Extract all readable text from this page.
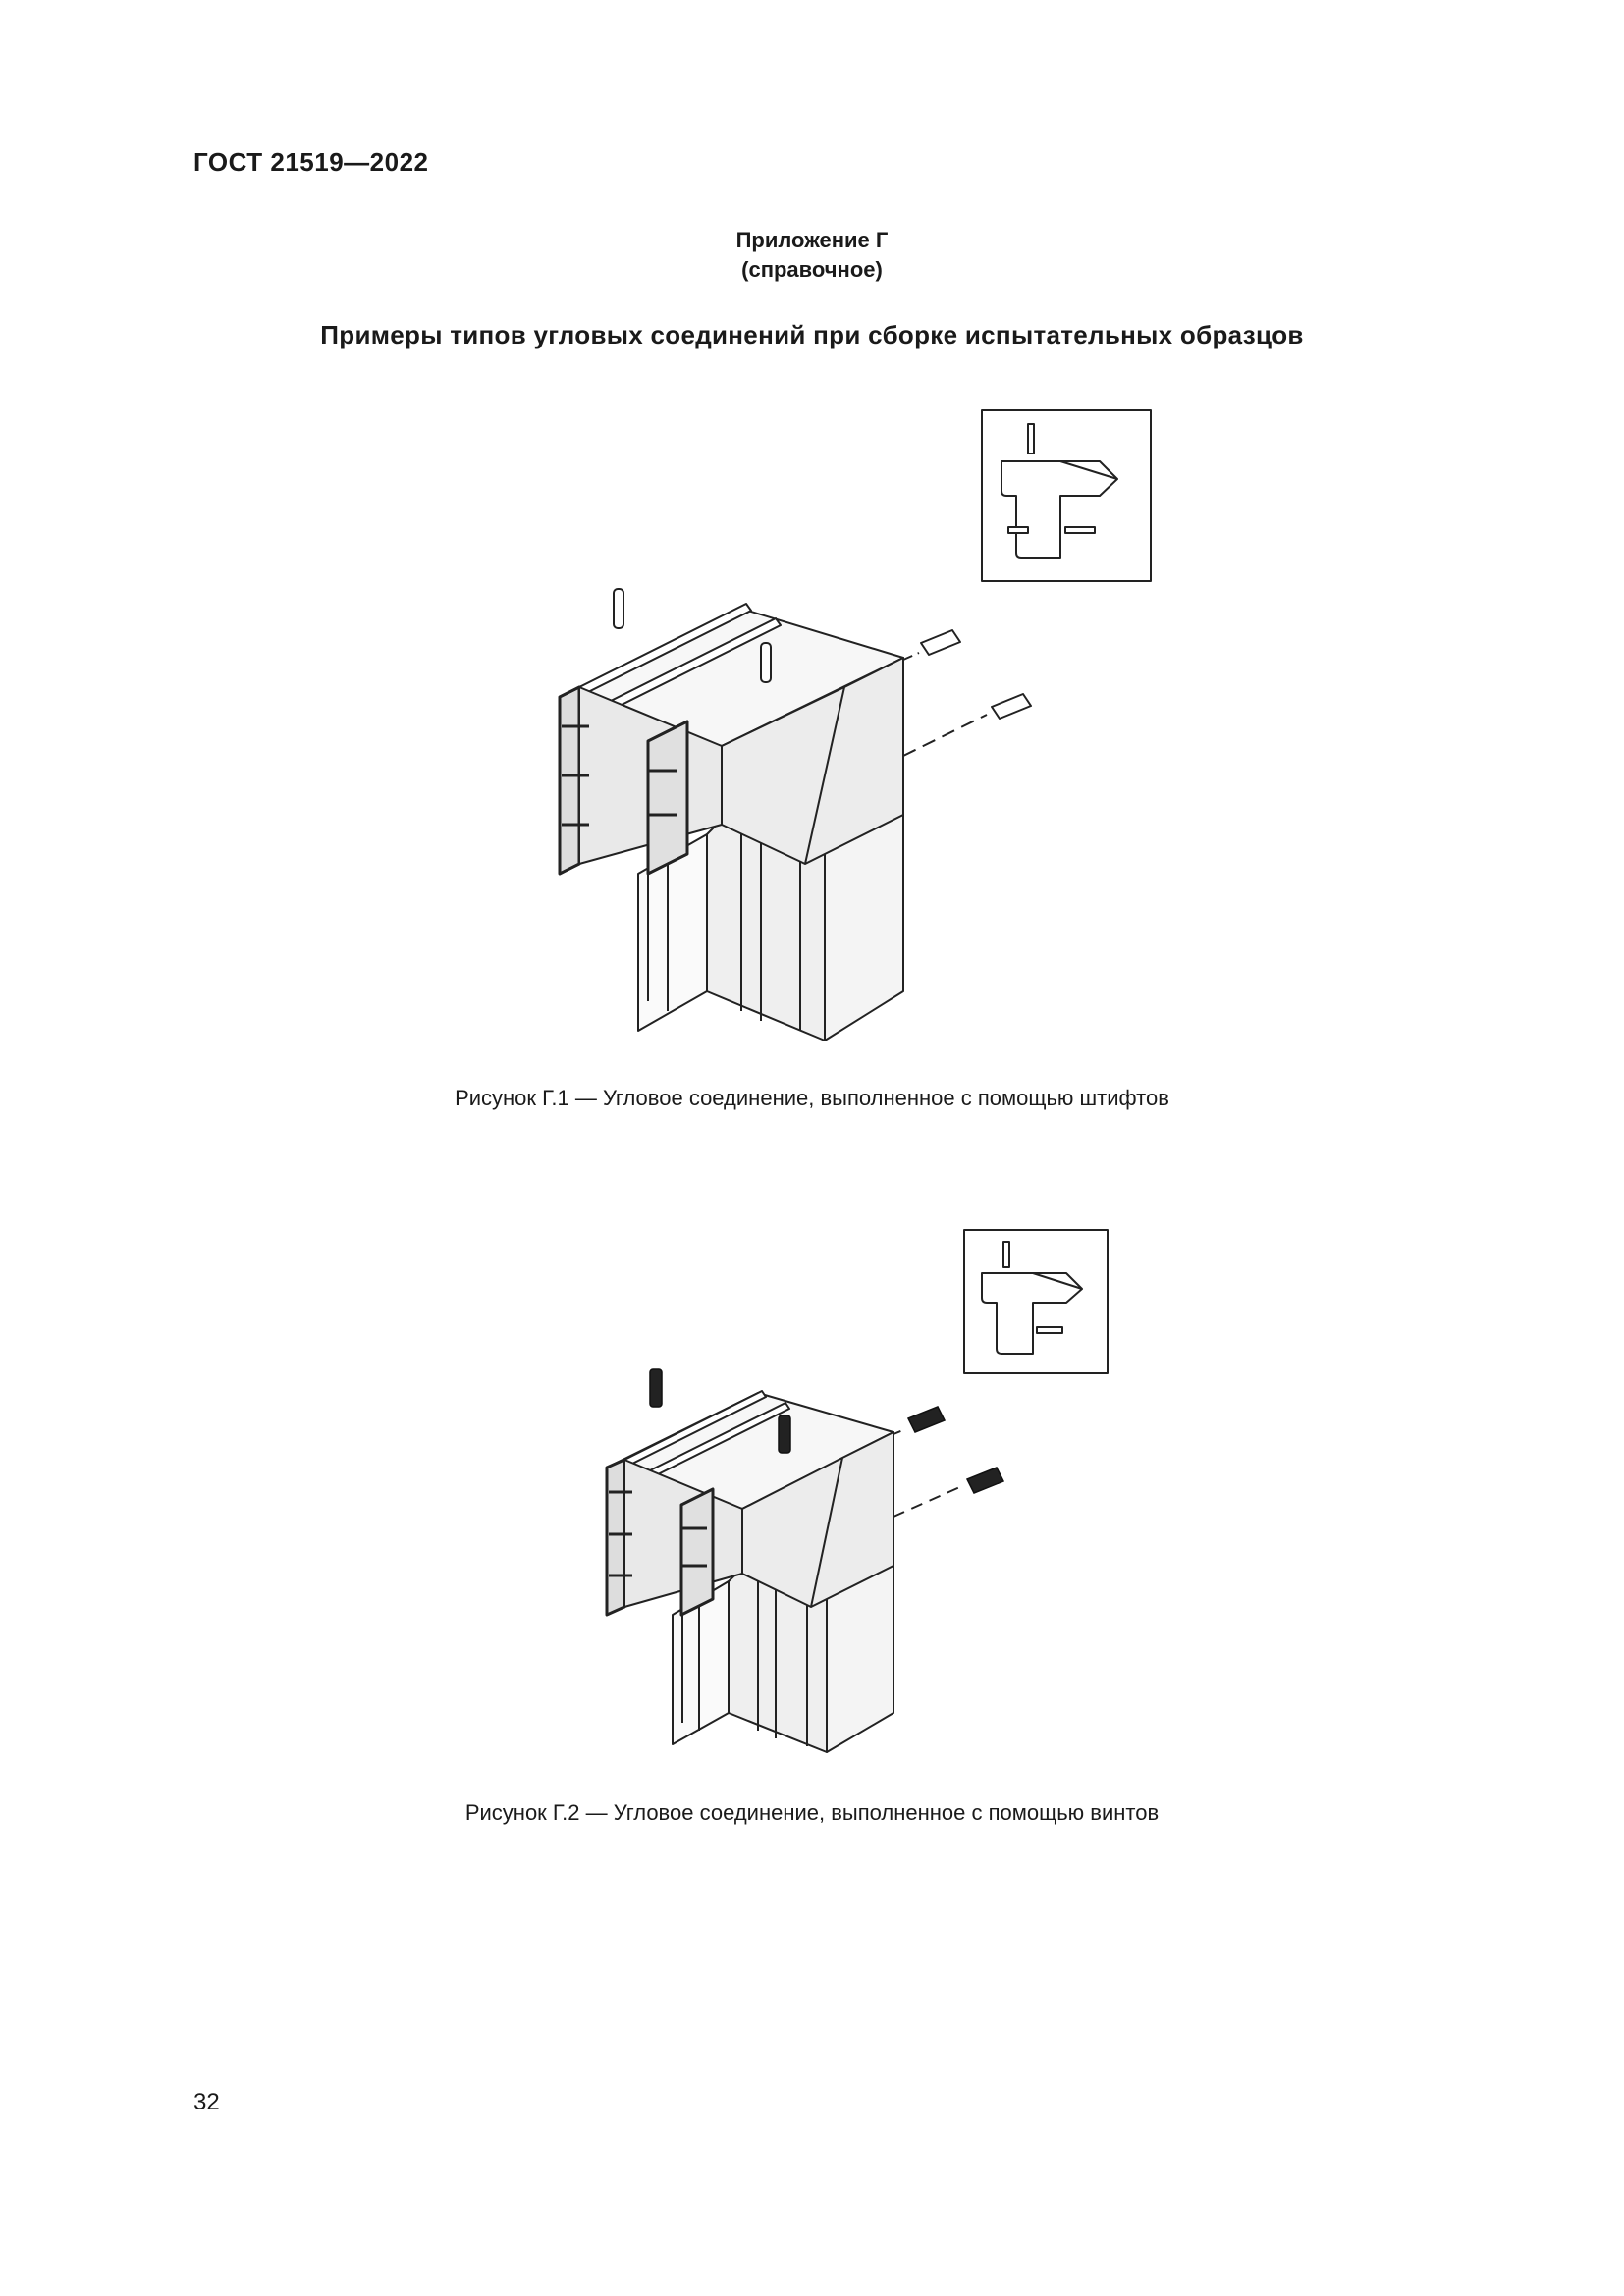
ГОСТ 21519—2022
Приложение Г
(справочное)
Примеры типов угловых соединений при сборке испытательных образцов
Рисунок Г.1 — Угловое соединение, выполненное с помощью штифтов
Рисунок Г.2 — Угловое соединение, выполненное с помощью винтов
32
